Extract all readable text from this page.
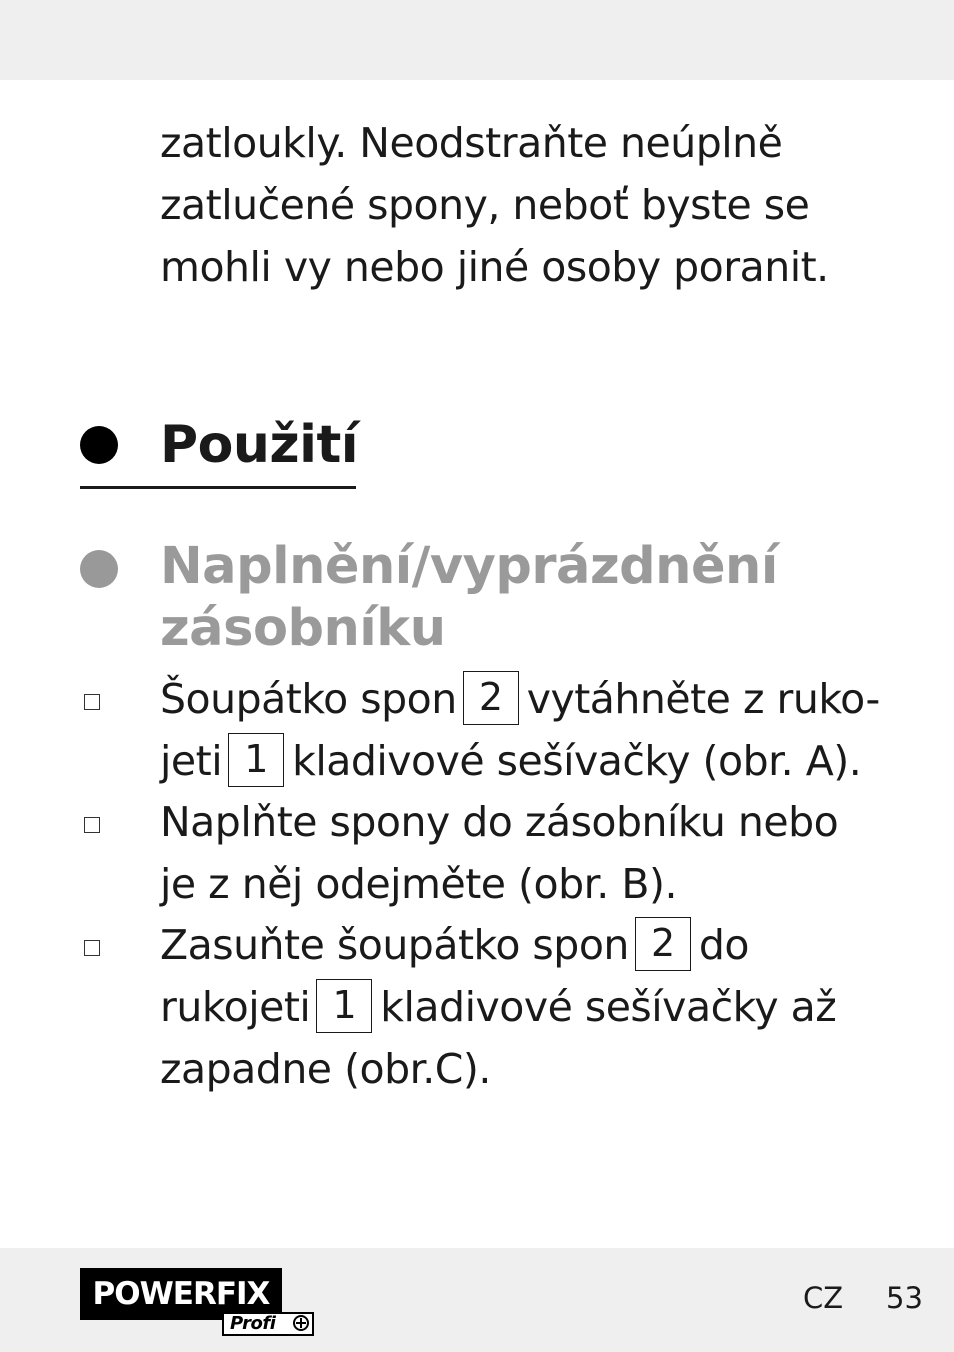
zatloukly. Neodstraňte neúplně
zatlučené spony, neboť byste se
mohli vy nebo jiné osoby poranit.
Použití
Naplnění/vyprázdnění
zásobníku
Šoupátko spon 2 vytáhněte z ruko-
jeti 1 kladivové sešívačky (obr. A).
Naplňte spony do zásobníku nebo
je z něj odejměte (obr. B).
Zasuňte šoupátko spon 2 do
rukojeti 1 kladivové sešívačky až
zapadne (obr.C).
POWERFIX
Profi
CZ 53
